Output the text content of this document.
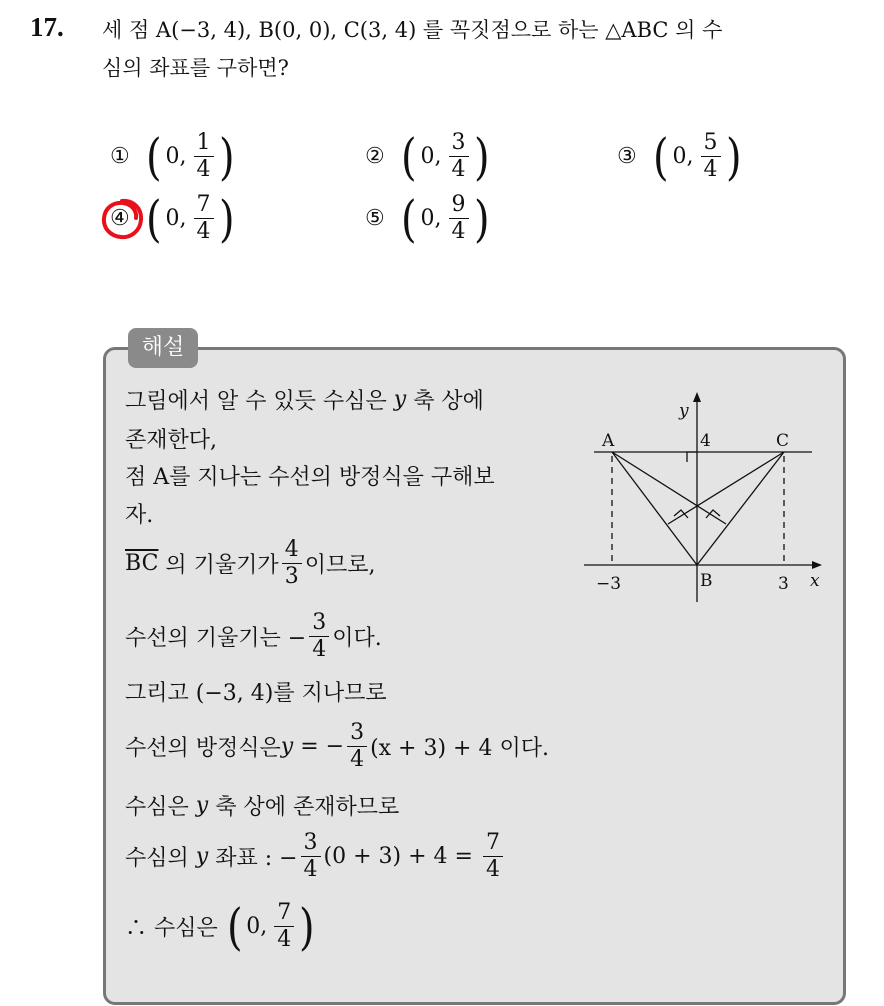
17. 세 점 A(−3, 4), B(0, 0), C(3, 4) 를 꼭짓점으로 하는 △ABC 의 수
심의 좌표를 구하면?
① ( 0, $\frac{1}{4}$ )	② ( 0, $\frac{3}{4}$ )	③ ( 0, $\frac{5}{4}$ )
④ ( 0, $\frac{7}{4}$ )	⑤ ( 0, $\frac{9}{4}$ )
해설
그림에서 알 수 있듯 수심은
y
축 상에
존재한다,
점 A를 지나는 수선의 방정식을 구해보
자.
$\overline{BC}$
의 기울기가 $\frac{4}{3}$ 이므로,
수선의 기울기는 − $\frac{3}{4}$ 이다.
그리고 (−3, 4)를 지나므로
수선의 방정식은 y
= − $\frac{3}{4} (x + 3) + 4$ 이다.
수심은
y
축 상에 존재하므로
수심의
y
좌표 : − $\frac{3}{4} (0 + 3) + 4$ =
$\frac{7}{4}$
∴ 수심은
( 0, $\frac{7}{4}$ )
y
x
A	C
B
4
−3	3
